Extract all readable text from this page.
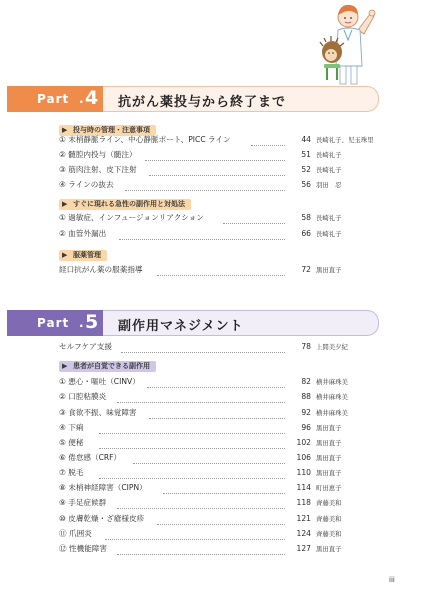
Part . 4 抗がん薬投与から終了まで
▶ 投与時の管理・注意事項
① 末梢静脈ライン、中心静脈ポート、PICC ライン	44 長崎礼子、児玉珠里
② 髄腔内投与（髄注）	51 長崎礼子
③ 筋肉注射、皮下注射	52 長崎礼子
④ ラインの抜去	56 羽田　忍
▶ すぐに現れる急性の副作用と対処法
① 過敏症、インフュージョンリアクション	58 長崎礼子
② 血管外漏出	66 長崎礼子
▶ 服薬管理
経口抗がん薬の服薬指導	72 黒田直子
Part . 5 副作用マネジメント
セルフケア支援	78 上間美夕紀
▶ 患者が自覚できる副作用
① 悪心・嘔吐（CINV）	82 横井麻珠美
② 口腔粘膜炎	88 横井麻珠美
③ 食欲不振、味覚障害	92 横井麻珠美
④ 下痢	96 黒田直子
⑤ 便秘	102 黒田直子
⑥ 倦怠感（CRF）	106 黒田直子
⑦ 脱毛	110 黒田直子
⑧ 末梢神経障害（CIPN）	114 町田恵子
⑨ 手足症候群	118 齊藤美和
⑩ 皮膚乾燥・ざ瘡様皮疹	121 齊藤美和
⑪ 爪囲炎	124 齊藤美和
⑫ 性機能障害	127 黒田直子
iii
